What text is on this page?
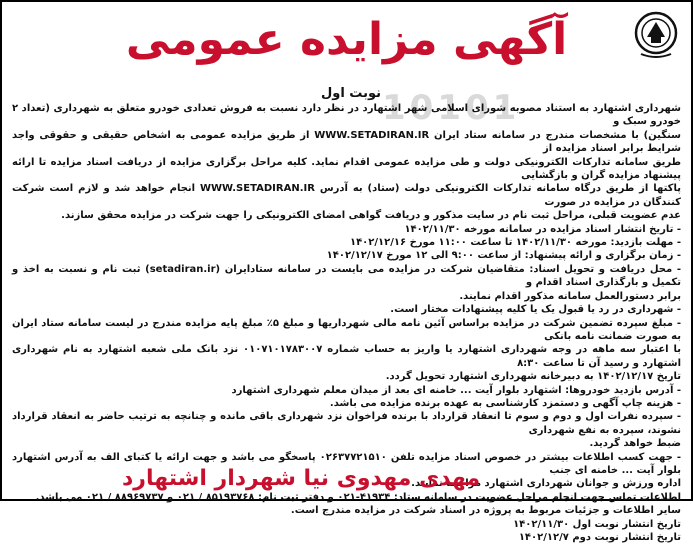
آگهی مزایده عمومی
10101
نوبت اول

شهرداری اشتهارد به استناد مصوبه شورای اسلامی شهر اشتهارد در نظر دارد نسبت به فروش تعدادی خودرو متعلق به شهرداری (تعداد ۲ خودرو سبک و

سنگین) با مشخصات مندرج در سامانه ستاد ایران WWW.SETADIRAN.IR از طریق مزایده عمومی به اشخاص حقیقی و حقوقی واجد شرایط برابر اسناد مزایده از

طریق سامانه تدارکات الکترونیکی دولت و طی مزایده عمومی اقدام نماید. کلیه مراحل برگزاری مزایده از دریافت اسناد مزایده تا ارائه پیشنهاد مزایده گران و بازگشایی

پاکتها از طریق درگاه سامانه تدارکات الکترونیکی دولت (ستاد) به آدرس WWW.SETADIRAN.IR انجام خواهد شد و لازم است شرکت کنندگان در مزایده در صورت

عدم عضویت قبلی، مراحل ثبت نام در سایت مذکور و دریافت گواهی امضای الکترونیکی را جهت شرکت در مزایده محقق سازند.

- تاریخ انتشار اسناد مزایده در سامانه مورخه ۱۴۰۲/۱۱/۳۰

- مهلت بازدید: مورخه ۱۴۰۲/۱۱/۳۰ تا ساعت ۱۱:۰۰ مورخ ۱۴۰۲/۱۲/۱۶

- زمان برگزاری و ارائه پیشنهاد: از ساعت ۹:۰۰ الی ۱۲ مورخ ۱۴۰۲/۱۲/۱۷

- محل دریافت و تحویل اسناد: متقاضیان شرکت در مزایده می بایست در سامانه ستادایران (setadiran.ir) ثبت نام و نسبت به اخذ و تکمیل و بارگذاری اسناد اقدام و

برابر دستورالعمل سامانه مذکور اقدام نمایند.

- شهرداری در رد یا قبول یک یا کلیه پیشنهادات مختار است.

- مبلغ سپرده تضمین شرکت در مزایده براساس آئین نامه مالی شهرداریها و مبلغ ۵٪ مبلغ پایه مزایده مندرج در لیست سامانه ستاد ایران به صورت ضمانت نامه بانکی

با اعتبار سه ماهه در وجه شهرداری اشتهارد یا واریز به حساب شماره ۰۱۰۷۱۰۱۷۸۳۰۰۷ نزد بانک ملی شعبه اشتهارد به نام شهرداری اشتهارد و رسید آن تا ساعت ۸:۳۰

تاریخ ۱۴۰۲/۱۲/۱۷ به دبیرخانه شهرداری اشتهارد تحویل گردد.

- آدرس بازدید خودروها: اشتهارد بلوار آیت ... خامنه ای بعد از میدان معلم شهرداری اشتهارد

- هزینه چاپ آگهی و دستمزد کارشناسی به عهده برنده مزایده می باشد.

- سپرده نفرات اول و دوم و سوم تا انعقاد قرارداد با برنده فراخوان نزد شهرداری باقی مانده و چنانچه به ترتیب حاضر به انعقاد قرارداد نشوند، سپرده به نفع شهرداری

ضبط خواهد گردید.

- جهت کسب اطلاعات بیشتر در خصوص اسناد مزایده تلفن ۰۲۶۳۷۷۲۱۵۱۰ پاسخگو می باشد و جهت ارائه یا کتبای الف به آدرس اشتهارد بلوار آیت ... خامنه ای جنب

اداره ورزش و جوانان شهرداری اشتهارد مراجعه نمایند.

اطلاعات تماس جهت انجام مراحل عضویت در سامانه ستاد: ۴۱۹۳۴-۰۲۱ و دفتر ثبت نام: ۸۵۱۹۳۷۶۸ / ۰۲۱ و ۸۸۹۶۹۷۳۷ / ۰۲۱ می باشد.

سایر اطلاعات و جزئیات مربوط به پروژه در اسناد شرکت در مزایده مندرج است.

تاریخ انتشار نوبت اول ۱۴۰۲/۱۱/۳۰

تاریخ انتشار نوبت دوم ۱۴۰۲/۱۲/۷

مهدی مهدوی نیا شهردار اشتهارد
